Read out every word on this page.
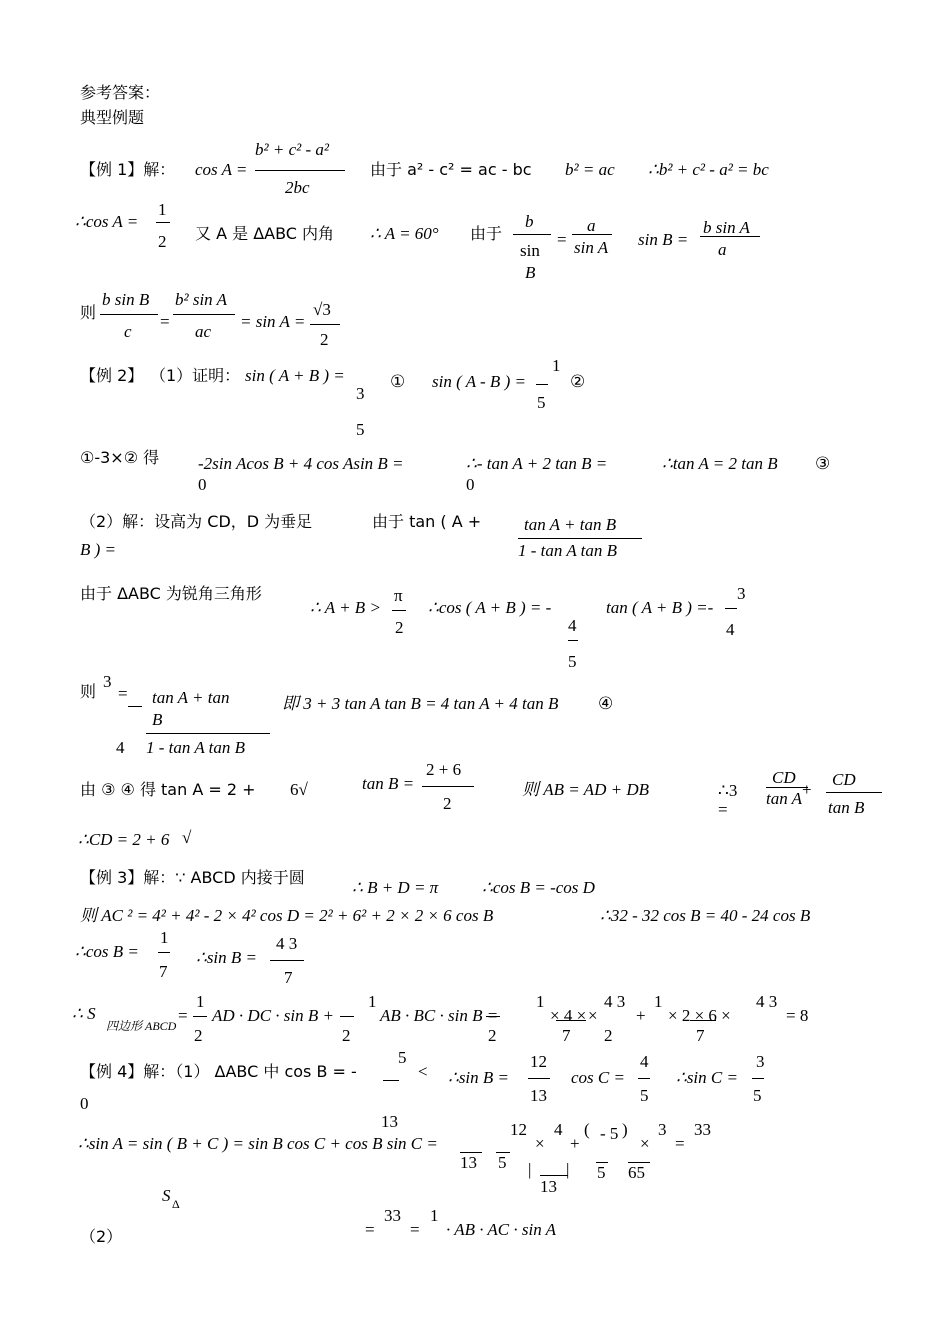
参考答案：
典型例题
【例 1】解： cos A =
b² + c² - a²
2bc
由于 a² - c² = ac - bc b² = ac ∴b² + c² - a² = bc
∴cos A =
1
2 又 A 是 ΔABC 内角 ∴ A = 60° 由于
b
sin
B
=
a
sin A sin B =
b sin A
a
则
b sin B
c
=
b² sin A
ac
= sin A =
√3
2
【例 2】 （1）证明： sin ( A + B ) =
3
5
① sin ( A - B ) =
1
5
②
①-3×② 得 -2sin Acos B + 4 cos Asin B =
0
∴- tan A + 2 tan B =
0
∴tan A = 2 tan B ③
（2）解：设高为 CD，D 为垂足	由于 tan ( A +
B ) =
tan A + tan B
1 - tan A tan B
由于 ΔABC 为锐角三角形
∴ A + B >
π
2
∴cos ( A + B ) = -
4
5
tan ( A + B ) =-
3
4
则
3
=
4
tan A + tan
B
1 - tan A tan B
即 3 + 3 tan A tan B = 4 tan A + 4 tan B ④
由 ③ ④ 得 tan A = 2 + 6√	tan B =
2 + 6
2
则 AB = AD + DB	∴3
=
CD
tan A +
CD
tan B
∴CD = 2 + 6 √
【例 3】解：∵ ABCD 内接于圆
∴ B + D = π	∴cos B = -cos D
则 AC ² = 4² + 4² - 2 × 4² cos D = 2² + 6² + 2 × 2 × 6 cos B	∴32 - 32 cos B = 40 - 24 cos B
∴cos B =
1
7
∴sin B =
4 3
7
∴ S
四边形 ABCD
=
1
2
AD · DC · sin B +
1
2
AB · BC · sin B =
1
2
× 4 ×
4 3
7
×
2
+
1
× 2 × 6 ×
4 3
7
= 8
【例 4】解：（1） ΔABC 中 cos B = -
5
<
0
13
∴sin B =
12
13
cos C =
4
5
∴sin C =
3
5
∴sin A = sin ( B + C ) = sin B cos C + cos B sin C =
12
13
×
4
5
+
( - 5 )
|
13
|
×
3
5
=
33
65
S Δ
（2）	=
33
=
1
· AB · AC · sin A
